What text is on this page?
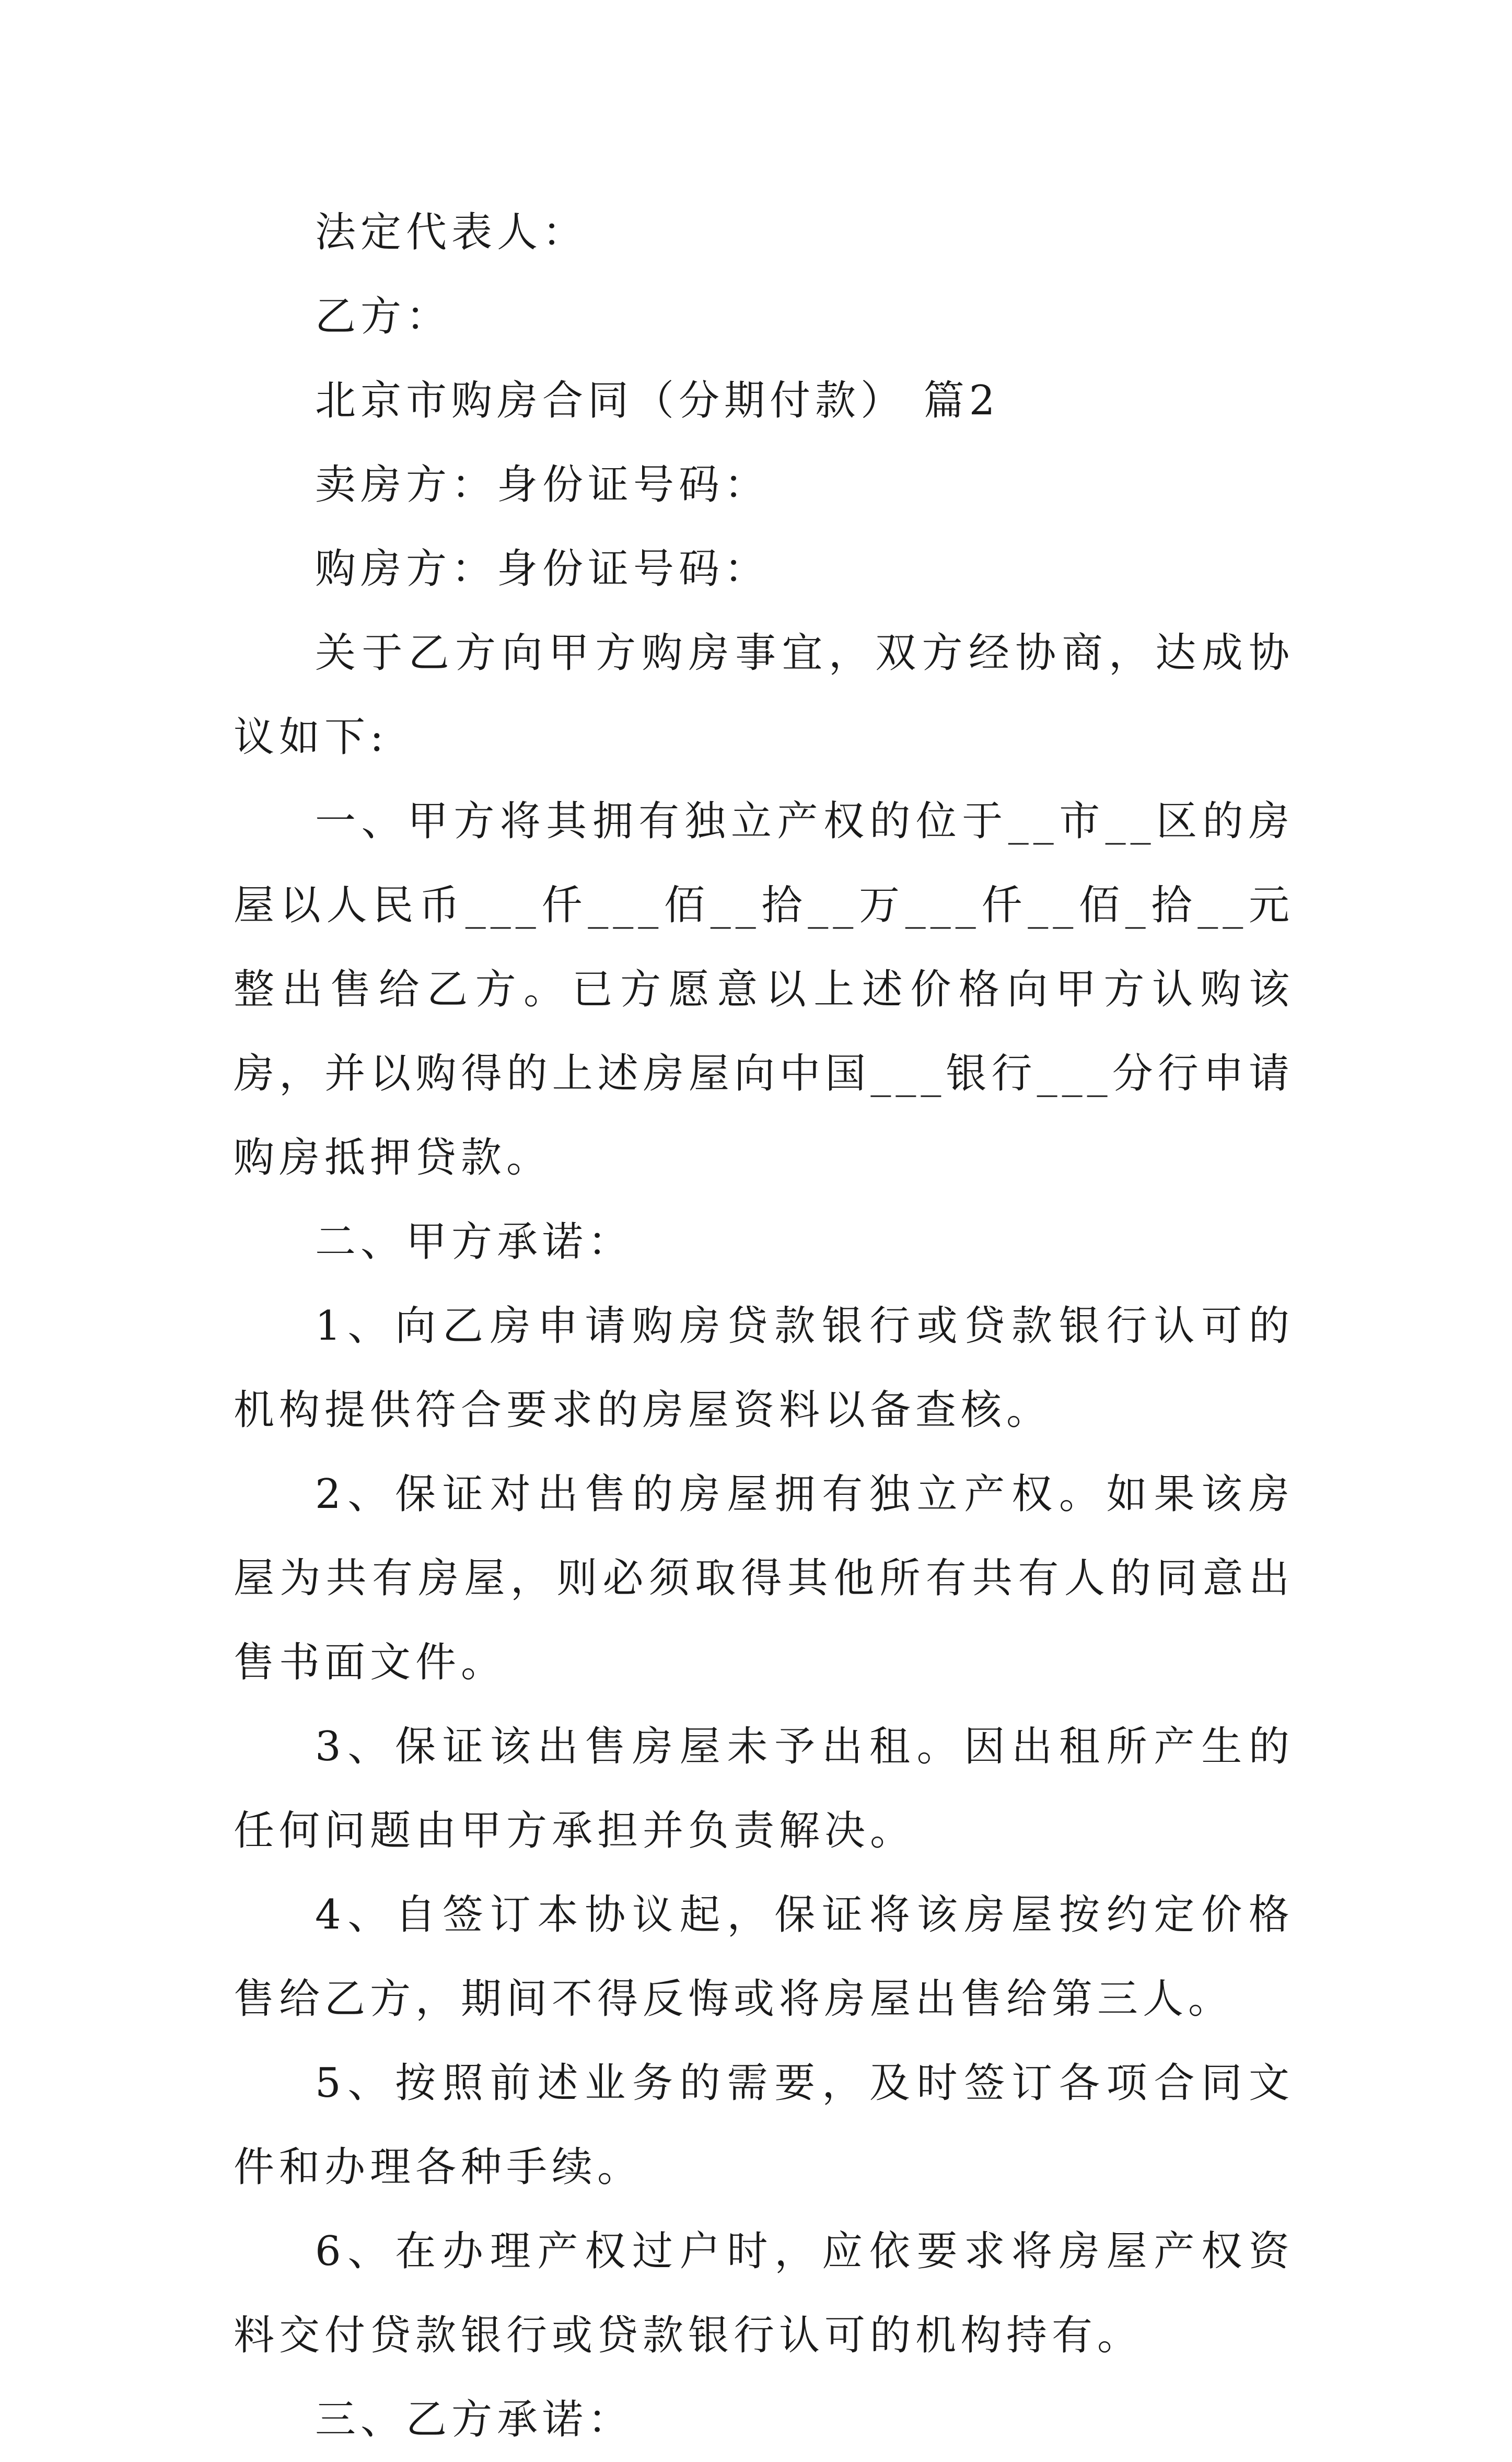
法定代表人：

乙方：

北京市购房合同（分期付款） 篇2

卖房方：身份证号码：

购房方：身份证号码：

关于乙方向甲方购房事宜，双方经协商，达成协议如下:

一、甲方将其拥有独立产权的位于__市__区的房屋以人民币___仟___佰__拾__万___仟__佰_拾__元整出售给乙方。已方愿意以上述价格向甲方认购该房，并以购得的上述房屋向中国___银行___分行申请购房抵押贷款。

二、甲方承诺：

1、向乙房申请购房贷款银行或贷款银行认可的机构提供符合要求的房屋资料以备查核。

2、保证对出售的房屋拥有独立产权。如果该房屋为共有房屋，则必须取得其他所有共有人的同意出售书面文件。

3、保证该出售房屋未予出租。因出租所产生的任何问题由甲方承担并负责解决。

4、自签订本协议起，保证将该房屋按约定价格售给乙方，期间不得反悔或将房屋出售给第三人。

5、按照前述业务的需要，及时签订各项合同文件和办理各种手续。

6、在办理产权过户时，应依要求将房屋产权资料交付贷款银行或贷款银行认可的机构持有。

三、乙方承诺：
